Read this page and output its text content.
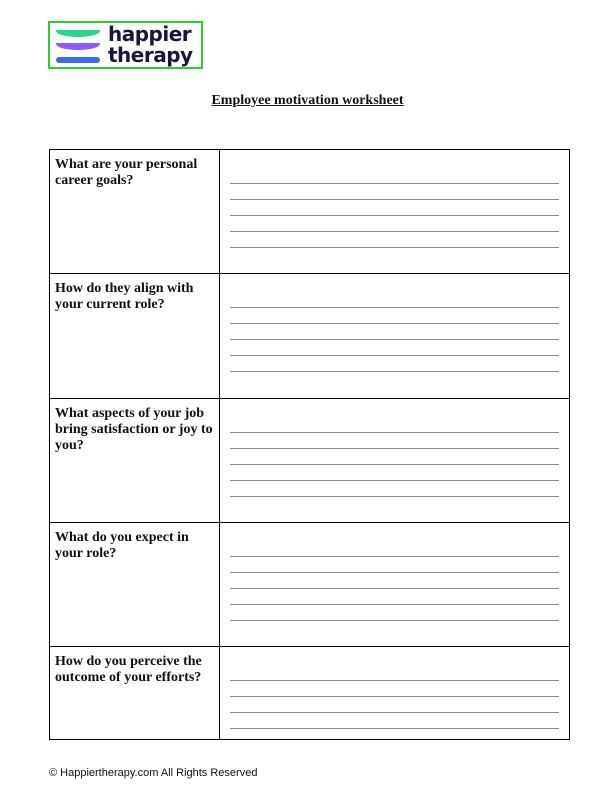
happier
therapy
Employee motivation worksheet
What are your personal career goals?	

How do they align with your current role?	

What aspects of your job bring satisfaction or joy to you?	

What do you expect in your role?	

How do you perceive the outcome of your efforts?	
© Happiertherapy.com All Rights Reserved
